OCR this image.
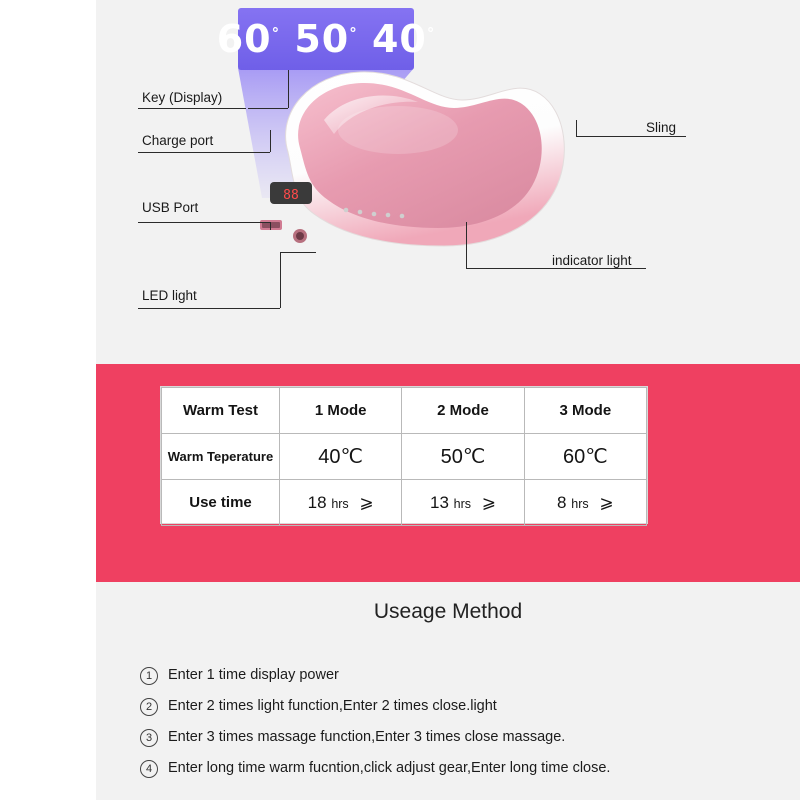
60° 50° 40°
88
Key (Display)
Charge port
USB Port
LED light
Sling
indicator light
Warm Test	1 Mode	2 Mode	3 Mode
Warm Teperature	40℃	50℃	60℃
Use time	18 hrs ⩾	13 hrs ⩾	8 hrs ⩾
Useage Method
1	Enter 1 time display power
2	Enter 2 times light function,Enter 2 times close.light
3	Enter 3 times massage function,Enter 3 times close massage.
4	Enter long time warm fucntion,click adjust gear,Enter long time close.
